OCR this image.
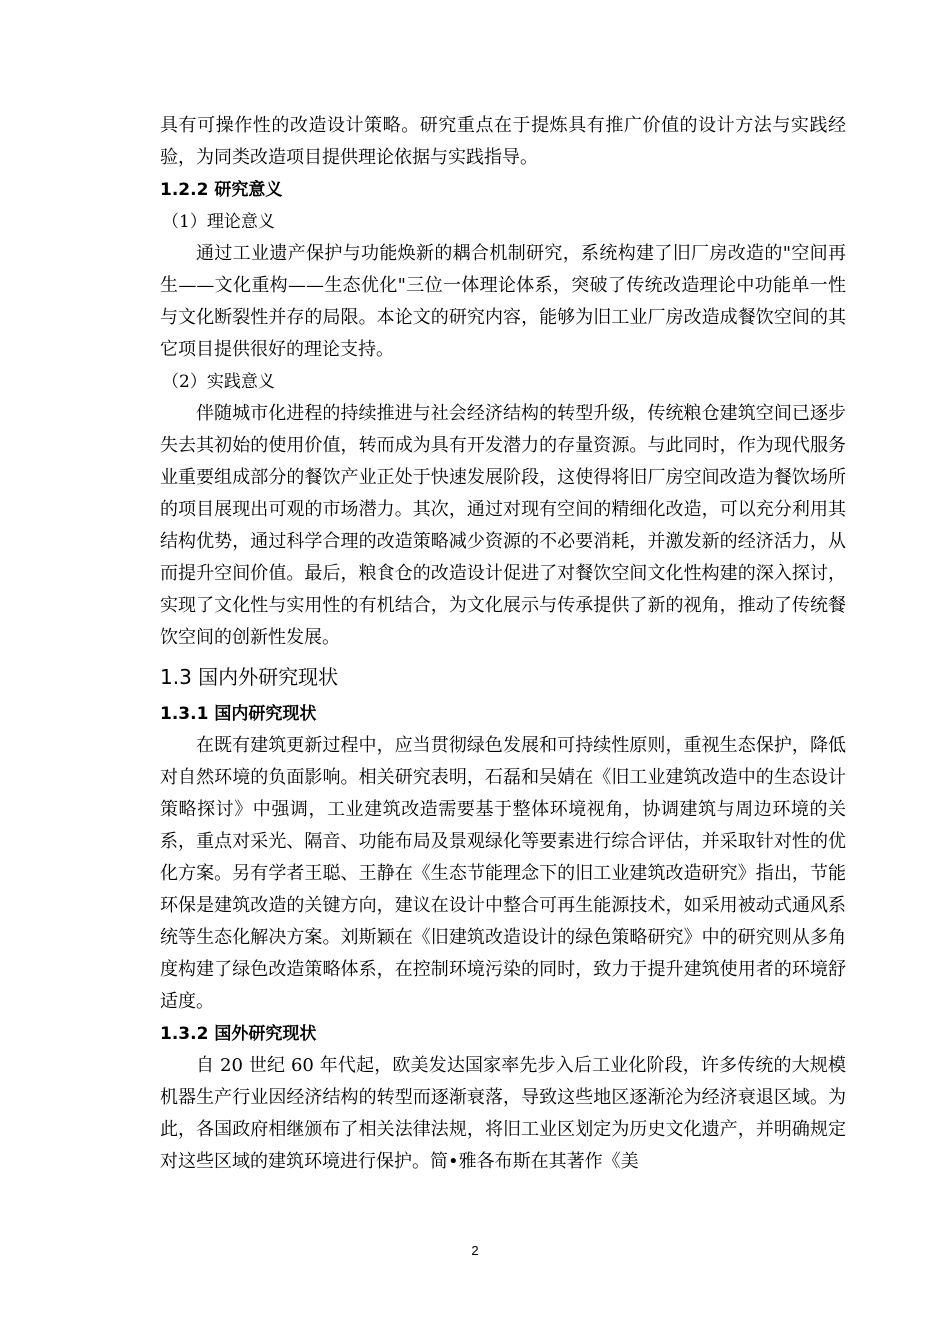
具有可操作性的改造设计策略。研究重点在于提炼具有推广价值的设计方法与实践经验，为同类改造项目提供理论依据与实践指导。

1.2.2 研究意义

（1）理论意义

通过工业遗产保护与功能焕新的耦合机制研究，系统构建了旧厂房改造的"空间再生——文化重构——生态优化"三位一体理论体系，突破了传统改造理论中功能单一性与文化断裂性并存的局限。本论文的研究内容，能够为旧工业厂房改造成餐饮空间的其它项目提供很好的理论支持。

（2）实践意义

伴随城市化进程的持续推进与社会经济结构的转型升级，传统粮仓建筑空间已逐步失去其初始的使用价值，转而成为具有开发潜力的存量资源。与此同时，作为现代服务业重要组成部分的餐饮产业正处于快速发展阶段，这使得将旧厂房空间改造为餐饮场所的项目展现出可观的市场潜力。其次，通过对现有空间的精细化改造，可以充分利用其结构优势，通过科学合理的改造策略减少资源的不必要消耗，并激发新的经济活力，从而提升空间价值。最后，粮食仓的改造设计促进了对餐饮空间文化性构建的深入探讨，实现了文化性与实用性的有机结合，为文化展示与传承提供了新的视角，推动了传统餐饮空间的创新性发展。

1.3 国内外研究现状

1.3.1 国内研究现状

在既有建筑更新过程中，应当贯彻绿色发展和可持续性原则，重视生态保护，降低对自然环境的负面影响。相关研究表明，石磊和吴婧在《旧工业建筑改造中的生态设计策略探讨》中强调，工业建筑改造需要基于整体环境视角，协调建筑与周边环境的关系，重点对采光、隔音、功能布局及景观绿化等要素进行综合评估，并采取针对性的优化方案。另有学者王聪、王静在《生态节能理念下的旧工业建筑改造研究》指出，节能环保是建筑改造的关键方向，建议在设计中整合可再生能源技术，如采用被动式通风系统等生态化解决方案。刘斯颖在《旧建筑改造设计的绿色策略研究》中的研究则从多角度构建了绿色改造策略体系，在控制环境污染的同时，致力于提升建筑使用者的环境舒适度。

1.3.2 国外研究现状

自 20 世纪 60 年代起，欧美发达国家率先步入后工业化阶段，许多传统的大规模机器生产行业因经济结构的转型而逐渐衰落，导致这些地区逐渐沦为经济衰退区域。为此，各国政府相继颁布了相关法律法规，将旧工业区划定为历史文化遗产，并明确规定对这些区域的建筑环境进行保护。简•雅各布斯在其著作《美

2
